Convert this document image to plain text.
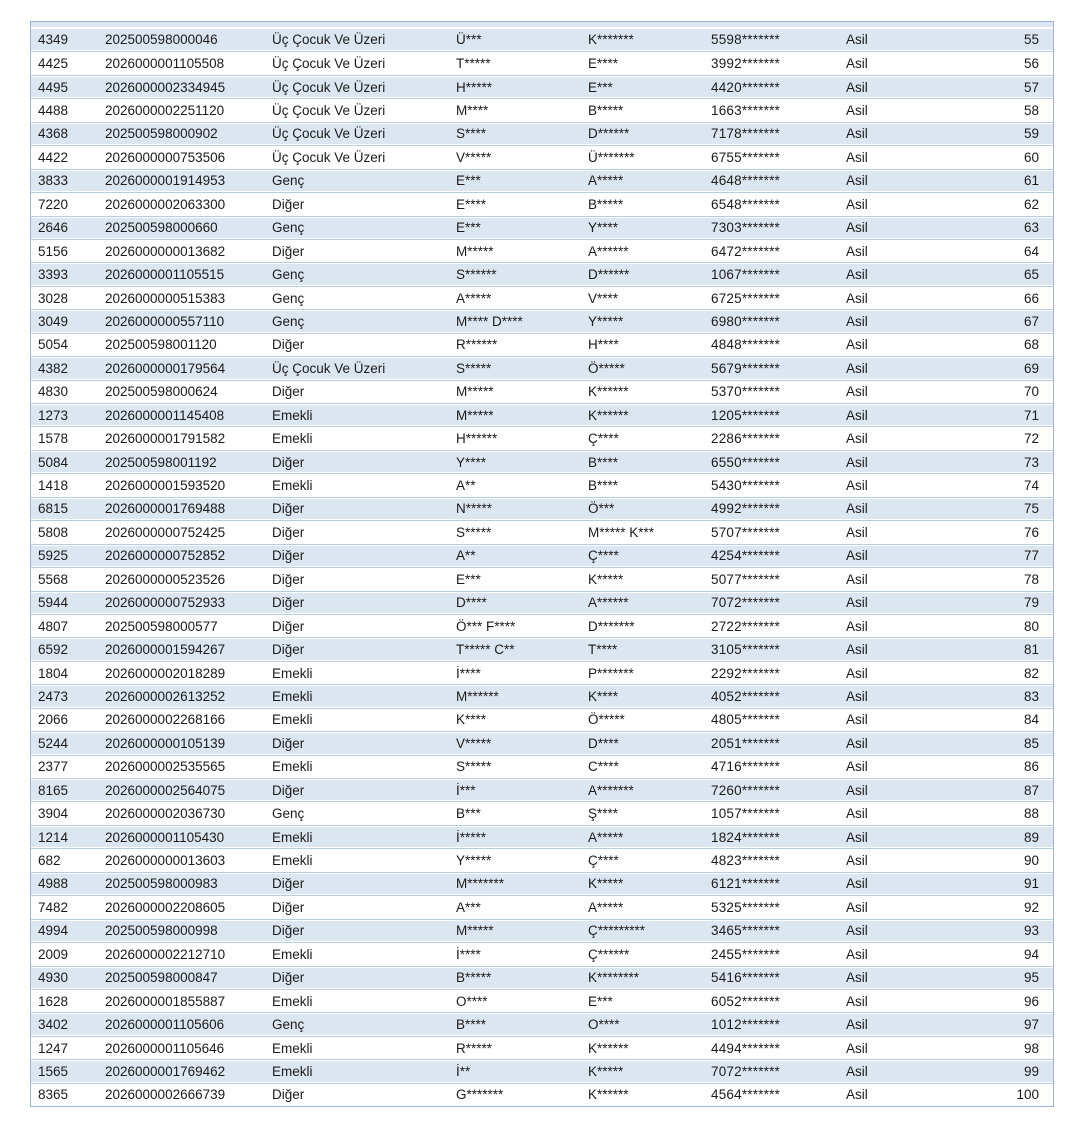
4349	202500598000046	Üç Çocuk Ve Üzeri	Ü***	K*******	5598*******	Asil	55
4425	2026000001105508	Üç Çocuk Ve Üzeri	T*****	E****	3992*******	Asil	56
4495	2026000002334945	Üç Çocuk Ve Üzeri	H*****	E***	4420*******	Asil	57
4488	2026000002251120	Üç Çocuk Ve Üzeri	M****	B*****	1663*******	Asil	58
4368	202500598000902	Üç Çocuk Ve Üzeri	S****	D******	7178*******	Asil	59
4422	2026000000753506	Üç Çocuk Ve Üzeri	V*****	Ü*******	6755*******	Asil	60
3833	2026000001914953	Genç	E***	A*****	4648*******	Asil	61
7220	2026000002063300	Diğer	E****	B*****	6548*******	Asil	62
2646	202500598000660	Genç	E***	Y****	7303*******	Asil	63
5156	2026000000013682	Diğer	M*****	A******	6472*******	Asil	64
3393	2026000001105515	Genç	S******	D******	1067*******	Asil	65
3028	2026000000515383	Genç	A*****	V****	6725*******	Asil	66
3049	2026000000557110	Genç	M**** D****	Y*****	6980*******	Asil	67
5054	202500598001120	Diğer	R******	H****	4848*******	Asil	68
4382	2026000000179564	Üç Çocuk Ve Üzeri	S*****	Ö*****	5679*******	Asil	69
4830	202500598000624	Diğer	M*****	K******	5370*******	Asil	70
1273	2026000001145408	Emekli	M*****	K******	1205*******	Asil	71
1578	2026000001791582	Emekli	H******	Ç****	2286*******	Asil	72
5084	202500598001192	Diğer	Y****	B****	6550*******	Asil	73
1418	2026000001593520	Emekli	A**	B****	5430*******	Asil	74
6815	2026000001769488	Diğer	N*****	Ö***	4992*******	Asil	75
5808	2026000000752425	Diğer	S*****	M***** K***	5707*******	Asil	76
5925	2026000000752852	Diğer	A**	Ç****	4254*******	Asil	77
5568	2026000000523526	Diğer	E***	K*****	5077*******	Asil	78
5944	2026000000752933	Diğer	D****	A******	7072*******	Asil	79
4807	202500598000577	Diğer	Ö*** F****	D*******	2722*******	Asil	80
6592	2026000001594267	Diğer	T***** C**	T****	3105*******	Asil	81
1804	2026000002018289	Emekli	İ****	P*******	2292*******	Asil	82
2473	2026000002613252	Emekli	M******	K****	4052*******	Asil	83
2066	2026000002268166	Emekli	K****	Ö*****	4805*******	Asil	84
5244	2026000000105139	Diğer	V*****	D****	2051*******	Asil	85
2377	2026000002535565	Emekli	S*****	C****	4716*******	Asil	86
8165	2026000002564075	Diğer	İ***	A*******	7260*******	Asil	87
3904	2026000002036730	Genç	B***	Ş****	1057*******	Asil	88
1214	2026000001105430	Emekli	İ*****	A*****	1824*******	Asil	89
682	2026000000013603	Emekli	Y*****	Ç****	4823*******	Asil	90
4988	202500598000983	Diğer	M*******	K*****	6121*******	Asil	91
7482	2026000002208605	Diğer	A***	A*****	5325*******	Asil	92
4994	202500598000998	Diğer	M*****	Ç*********	3465*******	Asil	93
2009	2026000002212710	Emekli	İ****	Ç******	2455*******	Asil	94
4930	202500598000847	Diğer	B*****	K********	5416*******	Asil	95
1628	2026000001855887	Emekli	O****	E***	6052*******	Asil	96
3402	2026000001105606	Genç	B****	O****	1012*******	Asil	97
1247	2026000001105646	Emekli	R*****	K******	4494*******	Asil	98
1565	2026000001769462	Emekli	İ**	K*****	7072*******	Asil	99
8365	2026000002666739	Diğer	G*******	K******	4564*******	Asil	100
